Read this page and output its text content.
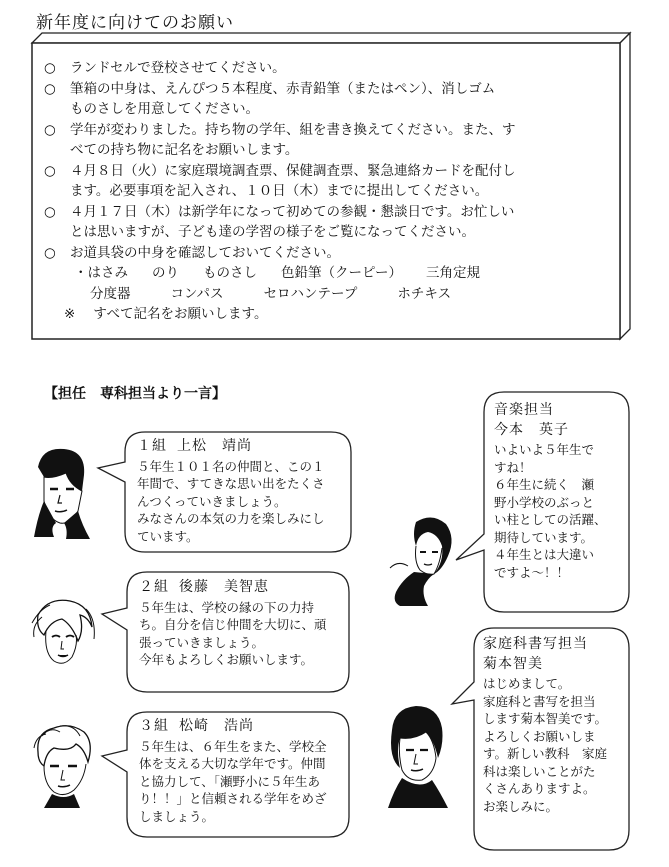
新年度に向けてのお願い
○	ランドセルで登校させてください。
○	筆箱の中身は、えんぴつ５本程度、赤青鉛筆（またはペン）、消しゴム
ものさしを用意してください。
○	学年が変わりました。持ち物の学年、組を書き換えてください。また、す
べての持ち物に記名をお願いします。
○	４月８日（火）に家庭環境調査票、保健調査票、緊急連絡カードを配付し
ます。必要事項を記入され、１０日（木）までに提出してください。
○	４月１７日（木）は新学年になって初めての参観・懇談日です。お忙しい
とは思いますが、子ども達の学習の様子をご覧になってください。
○	お道具袋の中身を確認しておいてください。
・はさみ のり ものさし 色鉛筆（クーピー） 三角定規
分度器	コンパス	セロハンテープ	ホチキス
※ すべて記名をお願いします。
【担任　専科担当より一言】
１組 上松　靖尚
５年生１０１名の仲間と、この１
年間で、すてきな思い出をたくさ
んつくっていきましょう。
みなさんの本気の力を楽しみにし
ています。
２組 後藤　美智恵
５年生は、学校の縁の下の力持
ち。自分を信じ仲間を大切に、頑
張っていきましょう。
今年もよろしくお願いします。
３組 松崎　浩尚
５年生は、６年生をまた、学校全
体を支える大切な学年です。仲間
と協力して、「瀬野小に５年生あ
り！！」と信頼される学年をめざ
しましょう。
音楽担当
今本　英子
いよいよ５年生で
すね！
６年生に続く　瀬
野小学校のぶっと
い柱としての活躍、
期待しています。
４年生とは大違い
ですよ～！！
家庭科書写担当
菊本智美
はじめまして。
家庭科と書写を担当
します菊本智美です。
よろしくお願いしま
す。新しい教科　家庭
科は楽しいことがた
くさんありますよ。
お楽しみに。
